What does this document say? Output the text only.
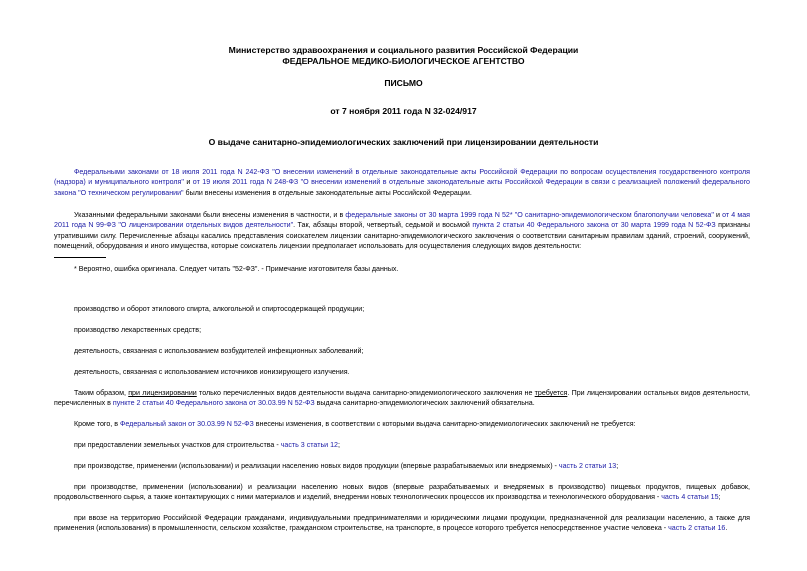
Министерство здравоохранения и социального развития Российской Федерации
ФЕДЕРАЛЬНОЕ МЕДИКО-БИОЛОГИЧЕСКОЕ АГЕНТСТВО
ПИСЬМО
от 7 ноября 2011 года N 32-024/917
О выдаче санитарно-эпидемиологических заключений при лицензировании деятельности
Федеральными законами от 18 июля 2011 года N 242-ФЗ "О внесении изменений в отдельные законодательные акты Российской Федерации по вопросам осуществления государственного контроля (надзора) и муниципального контроля" и от 19 июля 2011 года N 248-ФЗ "О внесении изменений в отдельные законодательные акты Российской Федерации в связи с реализацией положений федерального закона "О техническом регулировании" были внесены изменения в отдельные законодательные акты Российской Федерации.
Указанными федеральными законами были внесены изменения в частности, и в федеральные законы от 30 марта 1999 года N 52* "О санитарно-эпидемиологическом благополучии человека" и от 4 мая 2011 года N 99-ФЗ "О лицензировании отдельных видов деятельности". Так, абзацы второй, четвертый, седьмой и восьмой пункта 2 статьи 40 Федерального закона от 30 марта 1999 года N 52-ФЗ признаны утратившими силу. Перечисленные абзацы касались представления соискателем лицензии санитарно-эпидемиологического заключения о соответствии санитарным правилам зданий, строений, сооружений, помещений, оборудования и иного имущества, которые соискатель лицензии предполагает использовать для осуществления следующих видов деятельности:
* Вероятно, ошибка оригинала. Следует читать "52-ФЗ". - Примечание изготовителя базы данных.
производство и оборот этилового спирта, алкогольной и спиртосодержащей продукции;
производство лекарственных средств;
деятельность, связанная с использованием возбудителей инфекционных заболеваний;
деятельность, связанная с использованием источников ионизирующего излучения.
Таким образом, при лицензировании только перечисленных видов деятельности выдача санитарно-эпидемиологического заключения не требуется. При лицензировании остальных видов деятельности, перечисленных в пункте 2 статьи 40 Федерального закона от 30.03.99 N 52-ФЗ выдача санитарно-эпидемиологических заключений обязательна.
Кроме того, в Федеральный закон от 30.03.99 N 52-ФЗ внесены изменения, в соответствии с которыми выдача санитарно-эпидемиологических заключений не требуется:
при предоставлении земельных участков для строительства - часть 3 статьи 12;
при производстве, применении (использовании) и реализации населению новых видов продукции (впервые разрабатываемых или внедряемых) - часть 2 статьи 13;
при производстве, применении (использовании) и реализации населению новых видов (впервые разрабатываемых и внедряемых в производство) пищевых продуктов, пищевых добавок, продовольственного сырья, а также контактирующих с ними материалов и изделий, внедрении новых технологических процессов их производства и технологического оборудования - часть 4 статьи 15;
при ввозе на территорию Российской Федерации гражданами, индивидуальными предпринимателями и юридическими лицами продукции, предназначенной для реализации населению, а также для применения (использования) в промышленности, сельском хозяйстве, гражданском строительстве, на транспорте, в процессе которого требуется непосредственное участие человека - часть 2 статьи 16.
